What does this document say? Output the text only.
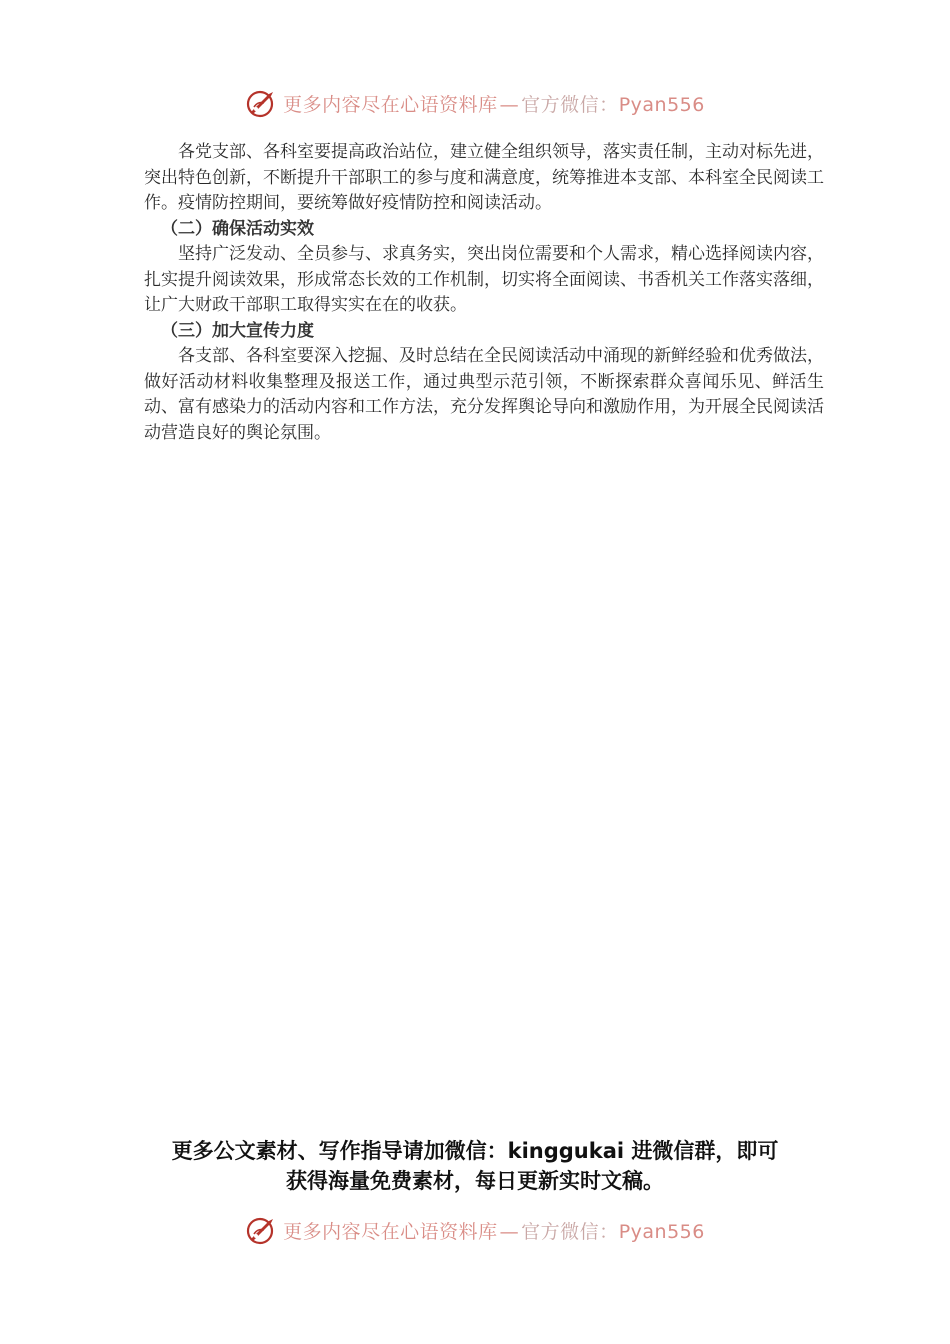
更多内容尽在心语资料库 — 官方微信：Pyan556

各党支部、各科室要提高政治站位，建立健全组织领导，落实责任制，主动对标先进，突出特色创新，不断提升干部职工的参与度和满意度，统筹推进本支部、本科室全民阅读工作。疫情防控期间，要统筹做好疫情防控和阅读活动。

（二）确保活动实效

坚持广泛发动、全员参与、求真务实，突出岗位需要和个人需求，精心选择阅读内容，扎实提升阅读效果，形成常态长效的工作机制，切实将全面阅读、书香机关工作落实落细，让广大财政干部职工取得实实在在的收获。

（三）加大宣传力度

各支部、各科室要深入挖掘、及时总结在全民阅读活动中涌现的新鲜经验和优秀做法，做好活动材料收集整理及报送工作，通过典型示范引领，不断探索群众喜闻乐见、鲜活生动、富有感染力的活动内容和工作方法，充分发挥舆论导向和激励作用，为开展全民阅读活动营造良好的舆论氛围。

更多公文素材、写作指导请加微信：kinggukai 进微信群，即可
获得海量免费素材，每日更新实时文稿。
更多内容尽在心语资料库 — 官方微信：Pyan556
